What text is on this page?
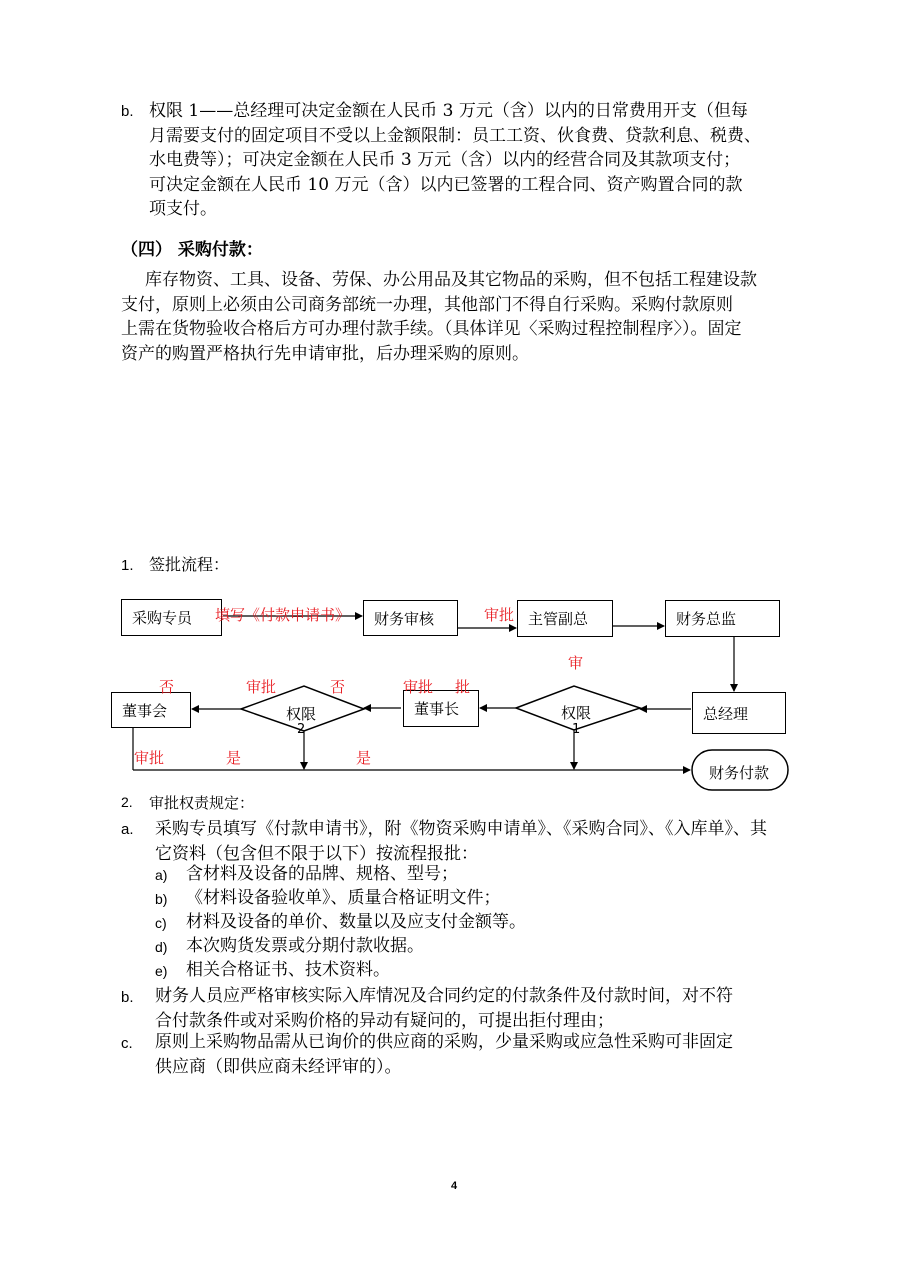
b. 权限 1——总经理可决定金额在人民币 3 万元（含）以内的日常费用开支（但每
月需要支付的固定项目不受以上金额限制：员工工资、伙食费、贷款利息、税费、
水电费等）；可决定金额在人民币 3 万元（含）以内的经营合同及其款项支付；
可决定金额在人民币 10 万元（含）以内已签署的工程合同、资产购置合同的款
项支付。
（四） 采购付款：
库存物资、工具、设备、劳保、办公用品及其它物品的采购，但不包括工程建设款
支付，原则上必须由公司商务部统一办理，其他部门不得自行采购。采购付款原则
上需在货物验收合格后方可办理付款手续。（具体详见〈采购过程控制程序〉）。固定
资产的购置严格执行先申请审批，后办理采购的原则。
1. 签批流程：
采购专员	财务审核	主管副总	财务总监
总经理
董事长
董事会	权限
1
权限
2
财务付款
填写《付款申请书》	审批
审
否	审批	否	审批 批
审批	是	是
2. 审批权责规定：
a. 采购专员填写《付款申请书》，附《物资采购申请单》、《采购合同》、《入库单》、其
它资料（包含但不限于以下）按流程报批：
a) 含材料及设备的品牌、规格、型号；
b) 《材料设备验收单》、质量合格证明文件；
c) 材料及设备的单价、数量以及应支付金额等。
d) 本次购货发票或分期付款收据。
e) 相关合格证书、技术资料。
b. 财务人员应严格审核实际入库情况及合同约定的付款条件及付款时间，对不符
合付款条件或对采购价格的异动有疑问的，可提出拒付理由；
c. 原则上采购物品需从已询价的供应商的采购，少量采购或应急性采购可非固定
供应商（即供应商未经评审的）。
4
